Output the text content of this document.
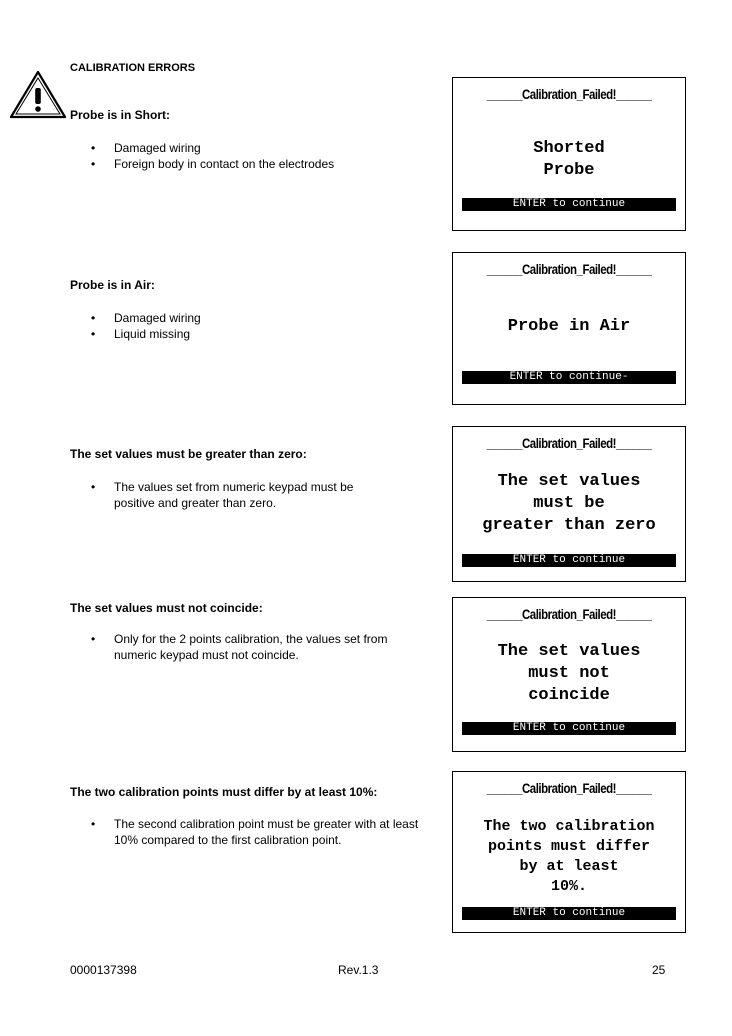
CALIBRATION ERRORS
Probe is in Short:
• Damaged wiring
• Foreign body in contact on the electrodes
______Calibration_Failed!______
Shorted
Probe
ENTER to continue
Probe is in Air:
• Damaged wiring
• Liquid missing
______Calibration_Failed!______
Probe in Air
ENTER to continue-
The set values must be greater than zero:
• The values set from numeric keypad must be positive and greater than zero.
______Calibration_Failed!______
The set values
must be
greater than zero
ENTER to continue
The set values must not coincide:
• Only for the 2 points calibration, the values set from numeric keypad must not coincide.
______Calibration_Failed!______
The set values
must not
coincide
ENTER to continue
The two calibration points must differ by at least 10%:
• The second calibration point must be greater with at least 10% compared to the first calibration point.
______Calibration_Failed!______
The two calibration
points must differ
by at least
10%.
ENTER to continue
0000137398	Rev.1.3	25
